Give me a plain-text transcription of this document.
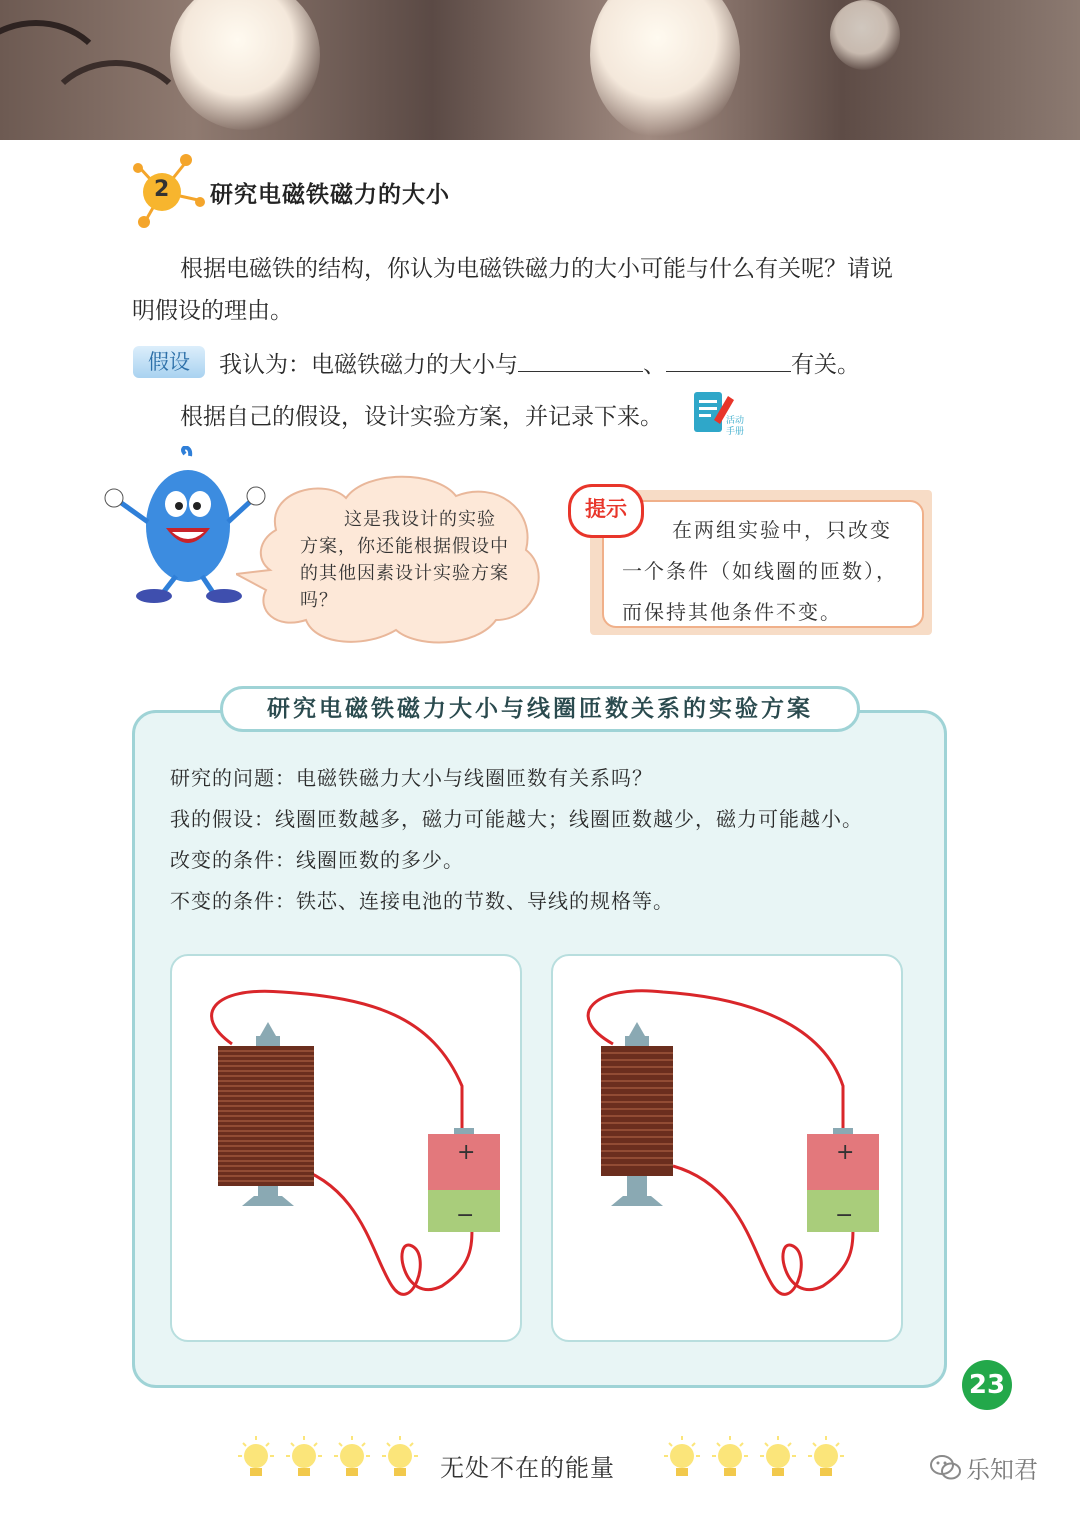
2 研究电磁铁磁力的大小
根据电磁铁的结构，你认为电磁铁磁力的大小可能与什么有关呢？请说
明假设的理由。
假设	我认为：电磁铁磁力的大小与	、	有关。
根据自己的假设，设计实验方案，并记录下来。	活动
手册
这是我设计的实验方案，你还能根据假设中的其他因素设计实验方案吗？
在两组实验中，只改变一个条件（如线圈的匝数），而保持其他条件不变。
提示
研究电磁铁磁力大小与线圈匝数关系的实验方案
研究的问题：电磁铁磁力大小与线圈匝数有关系吗？
我的假设：线圈匝数越多，磁力可能越大；线圈匝数越少，磁力可能越小。
改变的条件：线圈匝数的多少。
不变的条件：铁芯、连接电池的节数、导线的规格等。
+
−
+
−
23
无处不在的能量	乐知君
